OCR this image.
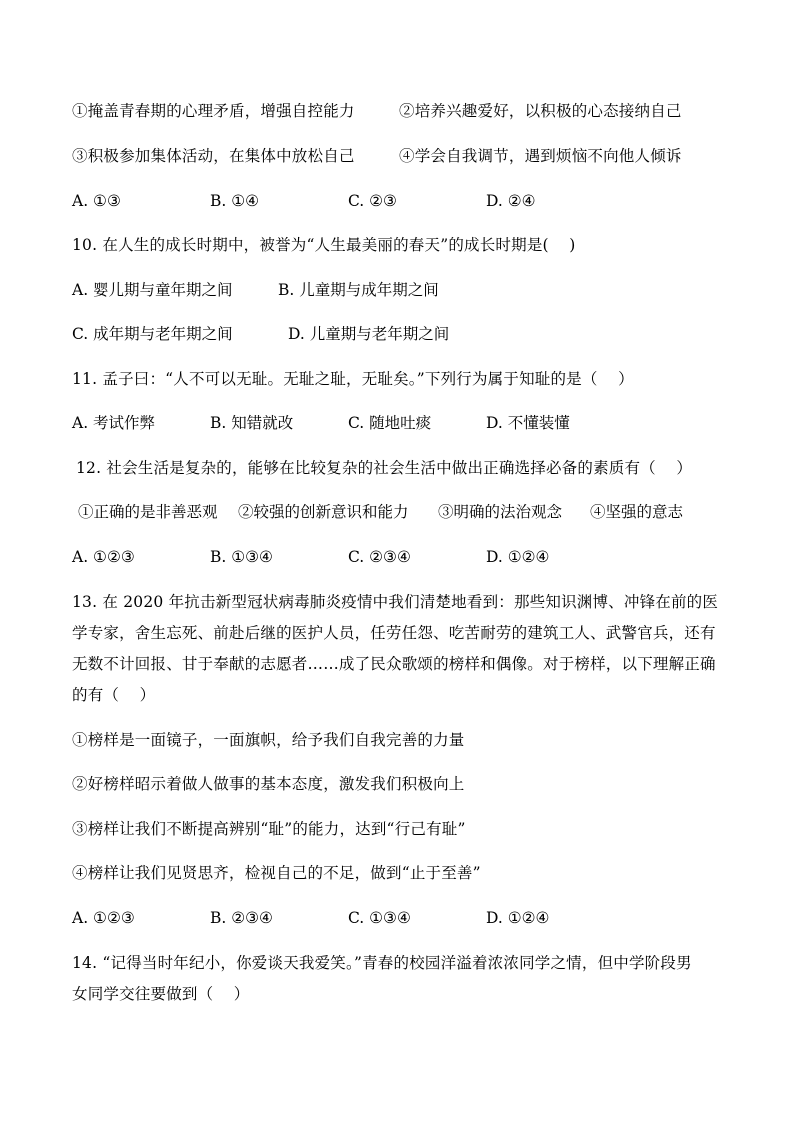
①掩盖青春期的心理矛盾，增强自控能力	②培养兴趣爱好，以积极的心态接纳自己
③积极参加集体活动，在集体中放松自己	④学会自我调节，遇到烦恼不向他人倾诉
A. ①③	B. ①④	C. ②③	D. ②④
10. 在人生的成长时期中，被誉为“人生最美丽的春天”的成长时期是(    )
A. 婴儿期与童年期之间	B. 儿童期与成年期之间
C. 成年期与老年期之间	D. 儿童期与老年期之间
11. 孟子曰：“人不可以无耻。无耻之耻，无耻矣。”下列行为属于知耻的是（    ）
A. 考试作弊	B. 知错就改	C. 随地吐痰	D. 不懂装懂
12. 社会生活是复杂的，能够在比较复杂的社会生活中做出正确选择必备的素质有（    ）
①正确的是非善恶观 ②较强的创新意识和能力 ③明确的法治观念 ④坚强的意志
A. ①②③	B. ①③④	C. ②③④	D. ①②④
13. 在 2020 年抗击新型冠状病毒肺炎疫情中我们清楚地看到：那些知识渊博、冲锋在前的医
学专家，舍生忘死、前赴后继的医护人员，任劳任怨、吃苦耐劳的建筑工人、武警官兵，还有
无数不计回报、甘于奉献的志愿者……成了民众歌颂的榜样和偶像。对于榜样，以下理解正确
的有（    ）
①榜样是一面镜子，一面旗帜，给予我们自我完善的力量
②好榜样昭示着做人做事的基本态度，激发我们积极向上
③榜样让我们不断提高辨别“耻”的能力，达到“行己有耻”
④榜样让我们见贤思齐，检视自己的不足，做到“止于至善”
A. ①②③	B. ②③④	C. ①③④	D. ①②④
14. “记得当时年纪小，你爱谈天我爱笑。”青春的校园洋溢着浓浓同学之情，但中学阶段男
女同学交往要做到（    ）
